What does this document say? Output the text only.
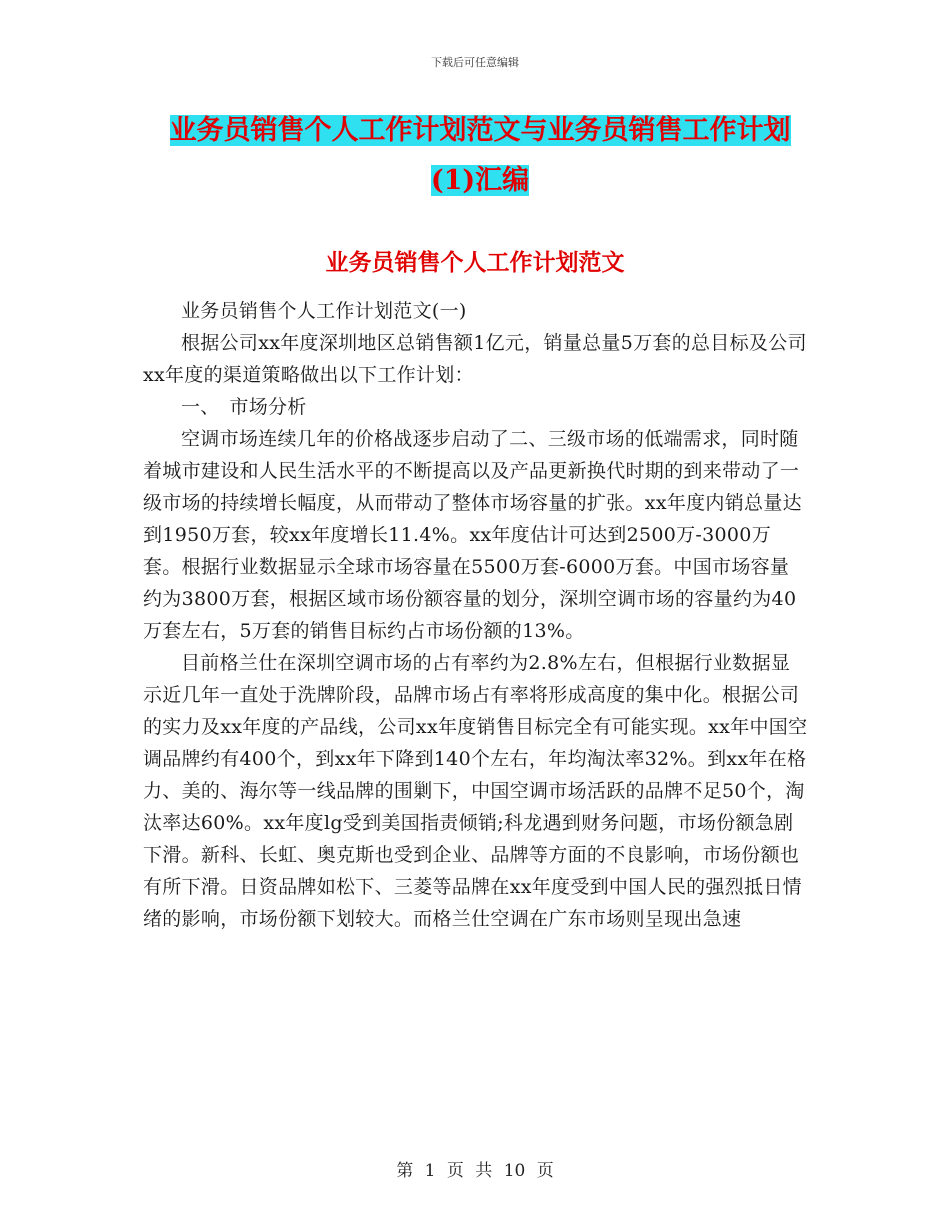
下载后可任意编辑
业务员销售个人工作计划范文与业务员销售工作计划
(1)汇编
业务员销售个人工作计划范文

业务员销售个人工作计划范文(一)

根据公司xx年度深圳地区总销售额1亿元，销量总量5万套的总目标及公司xx年度的渠道策略做出以下工作计划：

一、　市场分析

空调市场连续几年的价格战逐步启动了二、三级市场的低端需求，同时随着城市建设和人民生活水平的不断提高以及产品更新换代时期的到来带动了一级市场的持续增长幅度，从而带动了整体市场容量的扩张。xx年度内销总量达到1950万套，较xx年度增长11.4%。xx年度估计可达到2500万-3000万套。根据行业数据显示全球市场容量在5500万套-6000万套。中国市场容量约为3800万套，根据区域市场份额容量的划分，深圳空调市场的容量约为40万套左右，5万套的销售目标约占市场份额的13%。

目前格兰仕在深圳空调市场的占有率约为2.8%左右，但根据行业数据显示近几年一直处于洗牌阶段，品牌市场占有率将形成高度的集中化。根据公司的实力及xx年度的产品线，公司xx年度销售目标完全有可能实现。xx年中国空调品牌约有400个，到xx年下降到140个左右，年均淘汰率32%。到xx年在格力、美的、海尔等一线品牌的围剿下，中国空调市场活跃的品牌不足50个，淘汰率达60%。xx年度lg受到美国指责倾销;科龙遇到财务问题，市场份额急剧下滑。新科、长虹、奥克斯也受到企业、品牌等方面的不良影响，市场份额也有所下滑。日资品牌如松下、三菱等品牌在xx年度受到中国人民的强烈抵日情绪的影响，市场份额下划较大。而格兰仕空调在广东市场则呈现出急速

第 1 页 共 10 页
